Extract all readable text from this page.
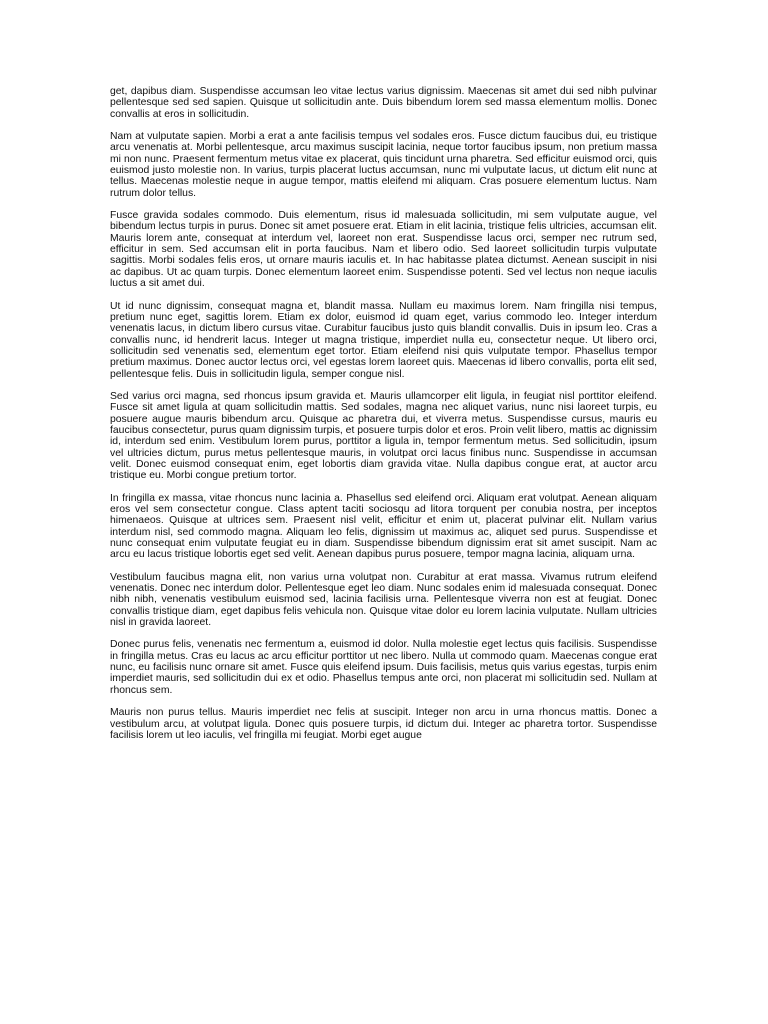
get, dapibus diam. Suspendisse accumsan leo vitae lectus varius dignissim. Maecenas sit amet dui sed nibh pulvinar pellentesque sed sed sapien. Quisque ut sollicitudin ante. Duis bibendum lorem sed massa elementum mollis. Donec convallis at eros in sollicitudin.

Nam at vulputate sapien. Morbi a erat a ante facilisis tempus vel sodales eros. Fusce dictum faucibus dui, eu tristique arcu venenatis at. Morbi pellentesque, arcu maximus suscipit lacinia, neque tortor faucibus ipsum, non pretium massa mi non nunc. Praesent fermentum metus vitae ex placerat, quis tincidunt urna pharetra. Sed efficitur euismod orci, quis euismod justo molestie non. In varius, turpis placerat luctus accumsan, nunc mi vulputate lacus, ut dictum elit nunc at tellus. Maecenas molestie neque in augue tempor, mattis eleifend mi aliquam. Cras posuere elementum luctus. Nam rutrum dolor tellus.

Fusce gravida sodales commodo. Duis elementum, risus id malesuada sollicitudin, mi sem vulputate augue, vel bibendum lectus turpis in purus. Donec sit amet posuere erat. Etiam in elit lacinia, tristique felis ultricies, accumsan elit. Mauris lorem ante, consequat at interdum vel, laoreet non erat. Suspendisse lacus orci, semper nec rutrum sed, efficitur in sem. Sed accumsan elit in porta faucibus. Nam et libero odio. Sed laoreet sollicitudin turpis vulputate sagittis. Morbi sodales felis eros, ut ornare mauris iaculis et. In hac habitasse platea dictumst. Aenean suscipit in nisi ac dapibus. Ut ac quam turpis. Donec elementum laoreet enim. Suspendisse potenti. Sed vel lectus non neque iaculis luctus a sit amet dui.

Ut id nunc dignissim, consequat magna et, blandit massa. Nullam eu maximus lorem. Nam fringilla nisi tempus, pretium nunc eget, sagittis lorem. Etiam ex dolor, euismod id quam eget, varius commodo leo. Integer interdum venenatis lacus, in dictum libero cursus vitae. Curabitur faucibus justo quis blandit convallis. Duis in ipsum leo. Cras a convallis nunc, id hendrerit lacus. Integer ut magna tristique, imperdiet nulla eu, consectetur neque. Ut libero orci, sollicitudin sed venenatis sed, elementum eget tortor. Etiam eleifend nisi quis vulputate tempor. Phasellus tempor pretium maximus. Donec auctor lectus orci, vel egestas lorem laoreet quis. Maecenas id libero convallis, porta elit sed, pellentesque felis. Duis in sollicitudin ligula, semper congue nisl.

Sed varius orci magna, sed rhoncus ipsum gravida et. Mauris ullamcorper elit ligula, in feugiat nisl porttitor eleifend. Fusce sit amet ligula at quam sollicitudin mattis. Sed sodales, magna nec aliquet varius, nunc nisi laoreet turpis, eu posuere augue mauris bibendum arcu. Quisque ac pharetra dui, et viverra metus. Suspendisse cursus, mauris eu faucibus consectetur, purus quam dignissim turpis, et posuere turpis dolor et eros. Proin velit libero, mattis ac dignissim id, interdum sed enim. Vestibulum lorem purus, porttitor a ligula in, tempor fermentum metus. Sed sollicitudin, ipsum vel ultricies dictum, purus metus pellentesque mauris, in volutpat orci lacus finibus nunc. Suspendisse in accumsan velit. Donec euismod consequat enim, eget lobortis diam gravida vitae. Nulla dapibus congue erat, at auctor arcu tristique eu. Morbi congue pretium tortor.

In fringilla ex massa, vitae rhoncus nunc lacinia a. Phasellus sed eleifend orci. Aliquam erat volutpat. Aenean aliquam eros vel sem consectetur congue. Class aptent taciti sociosqu ad litora torquent per conubia nostra, per inceptos himenaeos. Quisque at ultrices sem. Praesent nisl velit, efficitur et enim ut, placerat pulvinar elit. Nullam varius interdum nisl, sed commodo magna. Aliquam leo felis, dignissim ut maximus ac, aliquet sed purus. Suspendisse et nunc consequat enim vulputate feugiat eu in diam. Suspendisse bibendum dignissim erat sit amet suscipit. Nam ac arcu eu lacus tristique lobortis eget sed velit. Aenean dapibus purus posuere, tempor magna lacinia, aliquam urna.

Vestibulum faucibus magna elit, non varius urna volutpat non. Curabitur at erat massa. Vivamus rutrum eleifend venenatis. Donec nec interdum dolor. Pellentesque eget leo diam. Nunc sodales enim id malesuada consequat. Donec nibh nibh, venenatis vestibulum euismod sed, lacinia facilisis urna. Pellentesque viverra non est at feugiat. Donec convallis tristique diam, eget dapibus felis vehicula non. Quisque vitae dolor eu lorem lacinia vulputate. Nullam ultricies nisl in gravida laoreet.

Donec purus felis, venenatis nec fermentum a, euismod id dolor. Nulla molestie eget lectus quis facilisis. Suspendisse in fringilla metus. Cras eu lacus ac arcu efficitur porttitor ut nec libero. Nulla ut commodo quam. Maecenas congue erat nunc, eu facilisis nunc ornare sit amet. Fusce quis eleifend ipsum. Duis facilisis, metus quis varius egestas, turpis enim imperdiet mauris, sed sollicitudin dui ex et odio. Phasellus tempus ante orci, non placerat mi sollicitudin sed. Nullam at rhoncus sem.

Mauris non purus tellus. Mauris imperdiet nec felis at suscipit. Integer non arcu in urna rhoncus mattis. Donec a vestibulum arcu, at volutpat ligula. Donec quis posuere turpis, id dictum dui. Integer ac pharetra tortor. Suspendisse facilisis lorem ut leo iaculis, vel fringilla mi feugiat. Morbi eget augue
